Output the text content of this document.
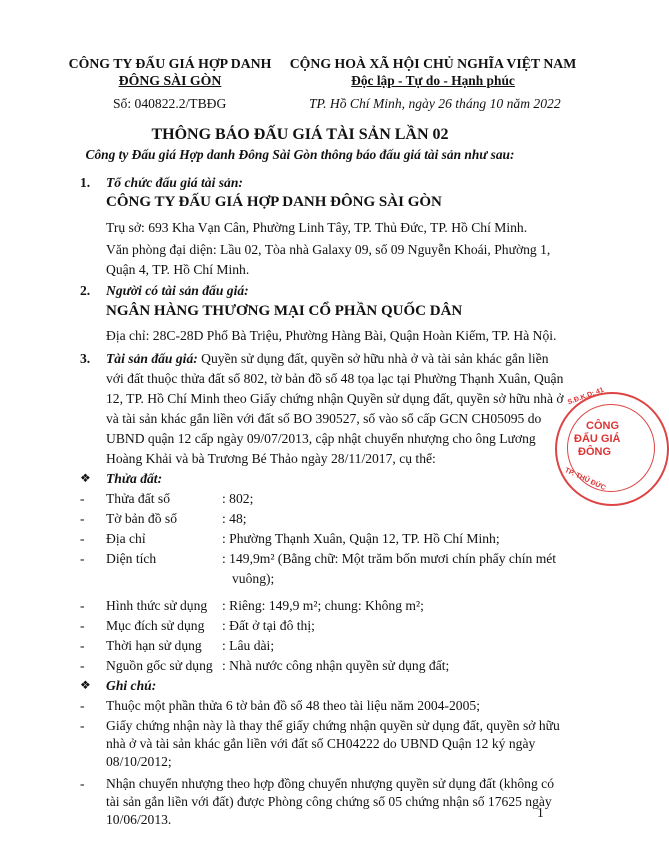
CÔNG TY ĐẤU GIÁ HỢP DANH
ĐÔNG SÀI GÒN
CỘNG HOÀ XÃ HỘI CHỦ NGHĨA VIỆT NAM
Độc lập - Tự do - Hạnh phúc
Số: 040822.2/TBĐG	TP. Hồ Chí Minh, ngày 26 tháng 10 năm 2022
THÔNG BÁO ĐẤU GIÁ TÀI SẢN LẦN 02
Công ty Đấu giá Hợp danh Đông Sài Gòn thông báo đấu giá tài sản như sau:
1. Tổ chức đấu giá tài sản:
CÔNG TY ĐẤU GIÁ HỢP DANH ĐÔNG SÀI GÒN
Trụ sở: 693 Kha Vạn Cân, Phường Linh Tây, TP. Thủ Đức, TP. Hồ Chí Minh.
Văn phòng đại diện: Lầu 02, Tòa nhà Galaxy 09, số 09 Nguyễn Khoái, Phường 1,
Quận 4, TP. Hồ Chí Minh.
2. Người có tài sản đấu giá:
NGÂN HÀNG THƯƠNG MẠI CỔ PHẦN QUỐC DÂN
Địa chỉ: 28C-28D Phố Bà Triệu, Phường Hàng Bài, Quận Hoàn Kiếm, TP. Hà Nội.
3. Tài sản đấu giá: Quyền sử dụng đất, quyền sở hữu nhà ở và tài sản khác gắn liền
với đất thuộc thửa đất số 802, tờ bản đồ số 48 tọa lạc tại Phường Thạnh Xuân, Quận
12, TP. Hồ Chí Minh theo Giấy chứng nhận Quyền sử dụng đất, quyền sở hữu nhà ở
và tài sản khác gắn liền với đất số BO 390527, số vào sổ cấp GCN CH05095 do
UBND quận 12 cấp ngày 09/07/2013, cập nhật chuyển nhượng cho ông Lương
Hoàng Khải và bà Trương Bé Thảo ngày 28/11/2017, cụ thể:
❖ Thửa đất:
- Thửa đất số	: 802;
- Tờ bản đồ số	: 48;
- Địa chỉ	: Phường Thạnh Xuân, Quận 12, TP. Hồ Chí Minh;
- Diện tích	: 149,9m² (Bằng chữ: Một trăm bốn mươi chín phẩy chín mét
vuông);
- Hình thức sử dụng : Riêng: 149,9 m²; chung: Không m²;
- Mục đích sử dụng : Đất ở tại đô thị;
- Thời hạn sử dụng : Lâu dài;
- Nguồn gốc sử dụng : Nhà nước công nhận quyền sử dụng đất;
❖ Ghi chú:
- Thuộc một phần thửa 6 tờ bản đồ số 48 theo tài liệu năm 2004-2005;
- Giấy chứng nhận này là thay thế giấy chứng nhận quyền sử dụng đất, quyền sở hữu
nhà ở và tài sản khác gắn liền với đất số CH04222 do UBND Quận 12 ký ngày
08/10/2012;
- Nhận chuyển nhượng theo hợp đồng chuyển nhượng quyền sử dụng đất (không có
tài sản gắn liền với đất) được Phòng công chứng số 05 chứng nhận số 17625 ngày
10/06/2013.	1
S.Đ.K.D: 41
CÔNG
ĐẤU GIÁ
ĐÔNG
TP. THỦ ĐỨC
